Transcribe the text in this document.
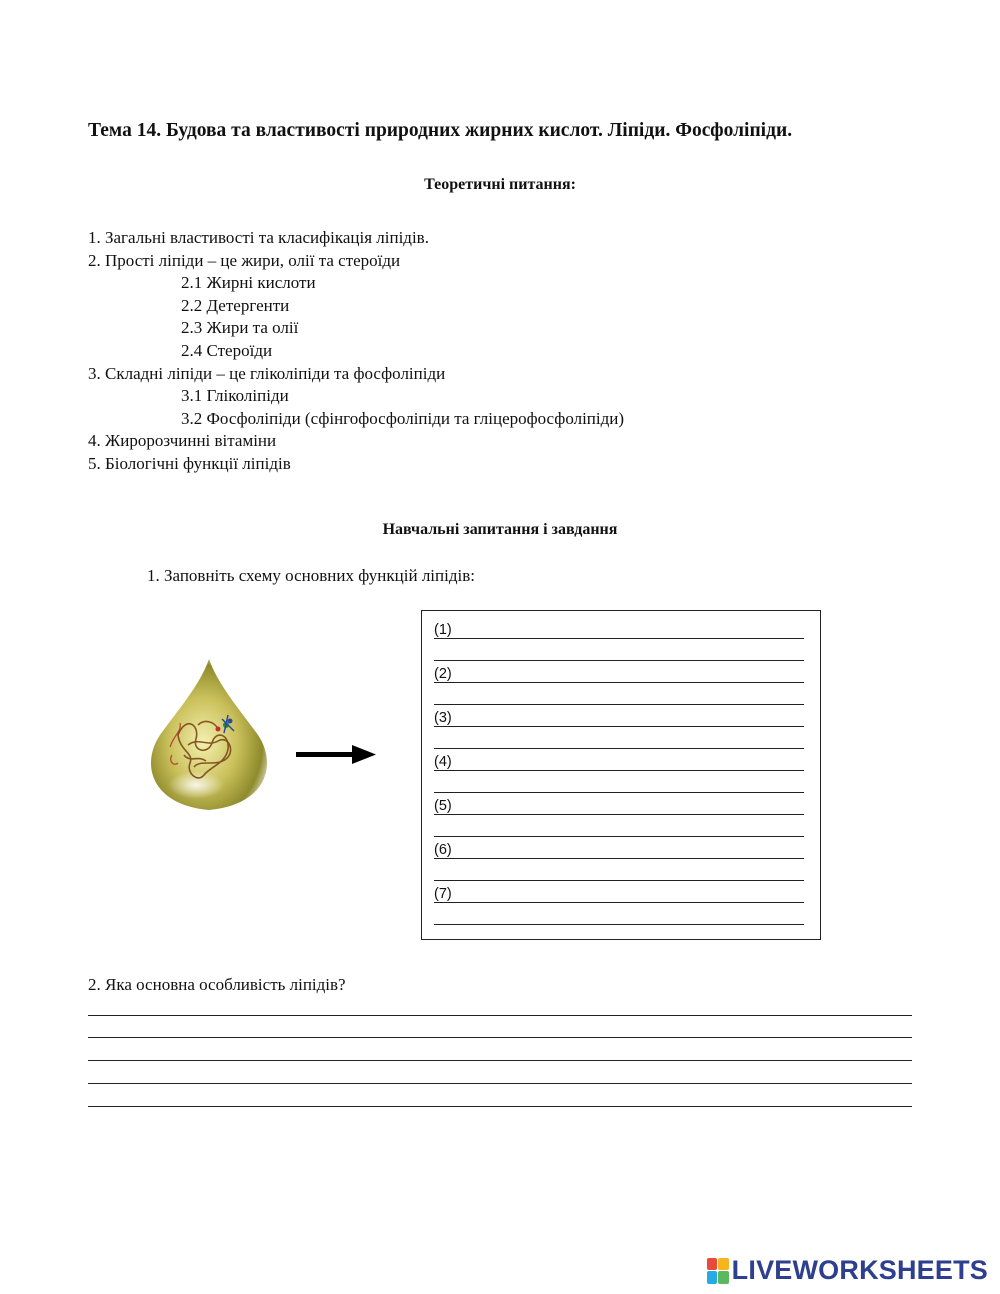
Тема 14. Будова та властивості природних жирних кислот. Ліпіди. Фосфоліпіди.
Теоретичні питання:
1. Загальні властивості та класифікація ліпідів.
2. Прості ліпіди – це жири, олії та стероїди
2.1 Жирні кислоти
2.2 Детергенти
2.3 Жири та олії
2.4 Стероїди
3. Складні ліпіди – це гліколіпіди та фосфоліпіди
3.1 Гліколіпіди
3.2 Фосфоліпіди (сфінгофосфоліпіди та гліцерофосфоліпіди)
4. Жиророзчинні вітаміни
5. Біологічні функції ліпідів
Навчальні запитання і завдання
1. Заповніть схему основних функцій ліпідів:
(1)
(2)
(3)
(4)
(5)
(6)
(7)
2. Яка основна особливість ліпідів?
LIVEWORKSHEETS
